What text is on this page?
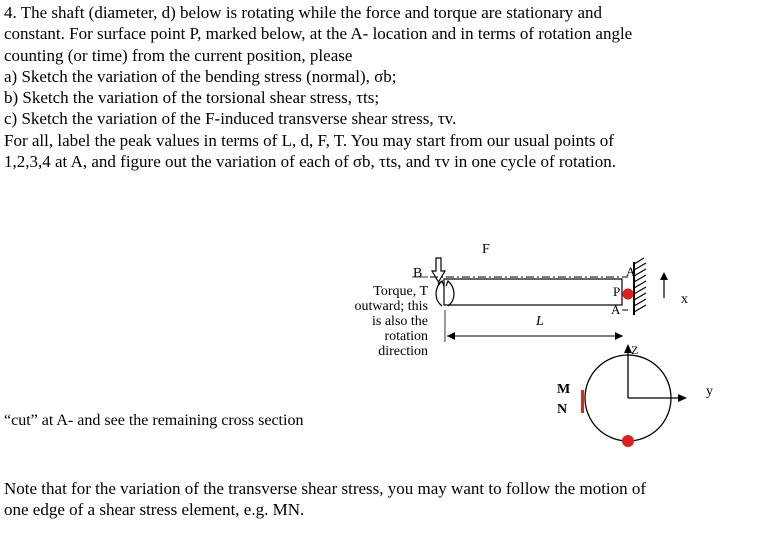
4. The shaft (diameter, d) below is rotating while the force and torque are stationary and

constant. For surface point P, marked below, at the A- location and in terms of rotation angle

counting (or time) from the current position, please

a) Sketch the variation of the bending stress (normal), σb;

b) Sketch the variation of the torsional shear stress, τts;

c) Sketch the variation of the F-induced transverse shear stress, τv.

For all, label the peak values in terms of L, d, F, T. You may start from our usual points of

1,2,3,4 at A, and figure out the variation of each of σb, τts, and τv in one cycle of rotation.

F
B	A
P
A
x
L
Z
y
M
N
Torque, T
outward; this
is also the
rotation
direction
“cut” at A- and see the remaining cross section

Note that for the variation of the transverse shear stress, you may want to follow the motion of

one edge of a shear stress element, e.g. MN.
